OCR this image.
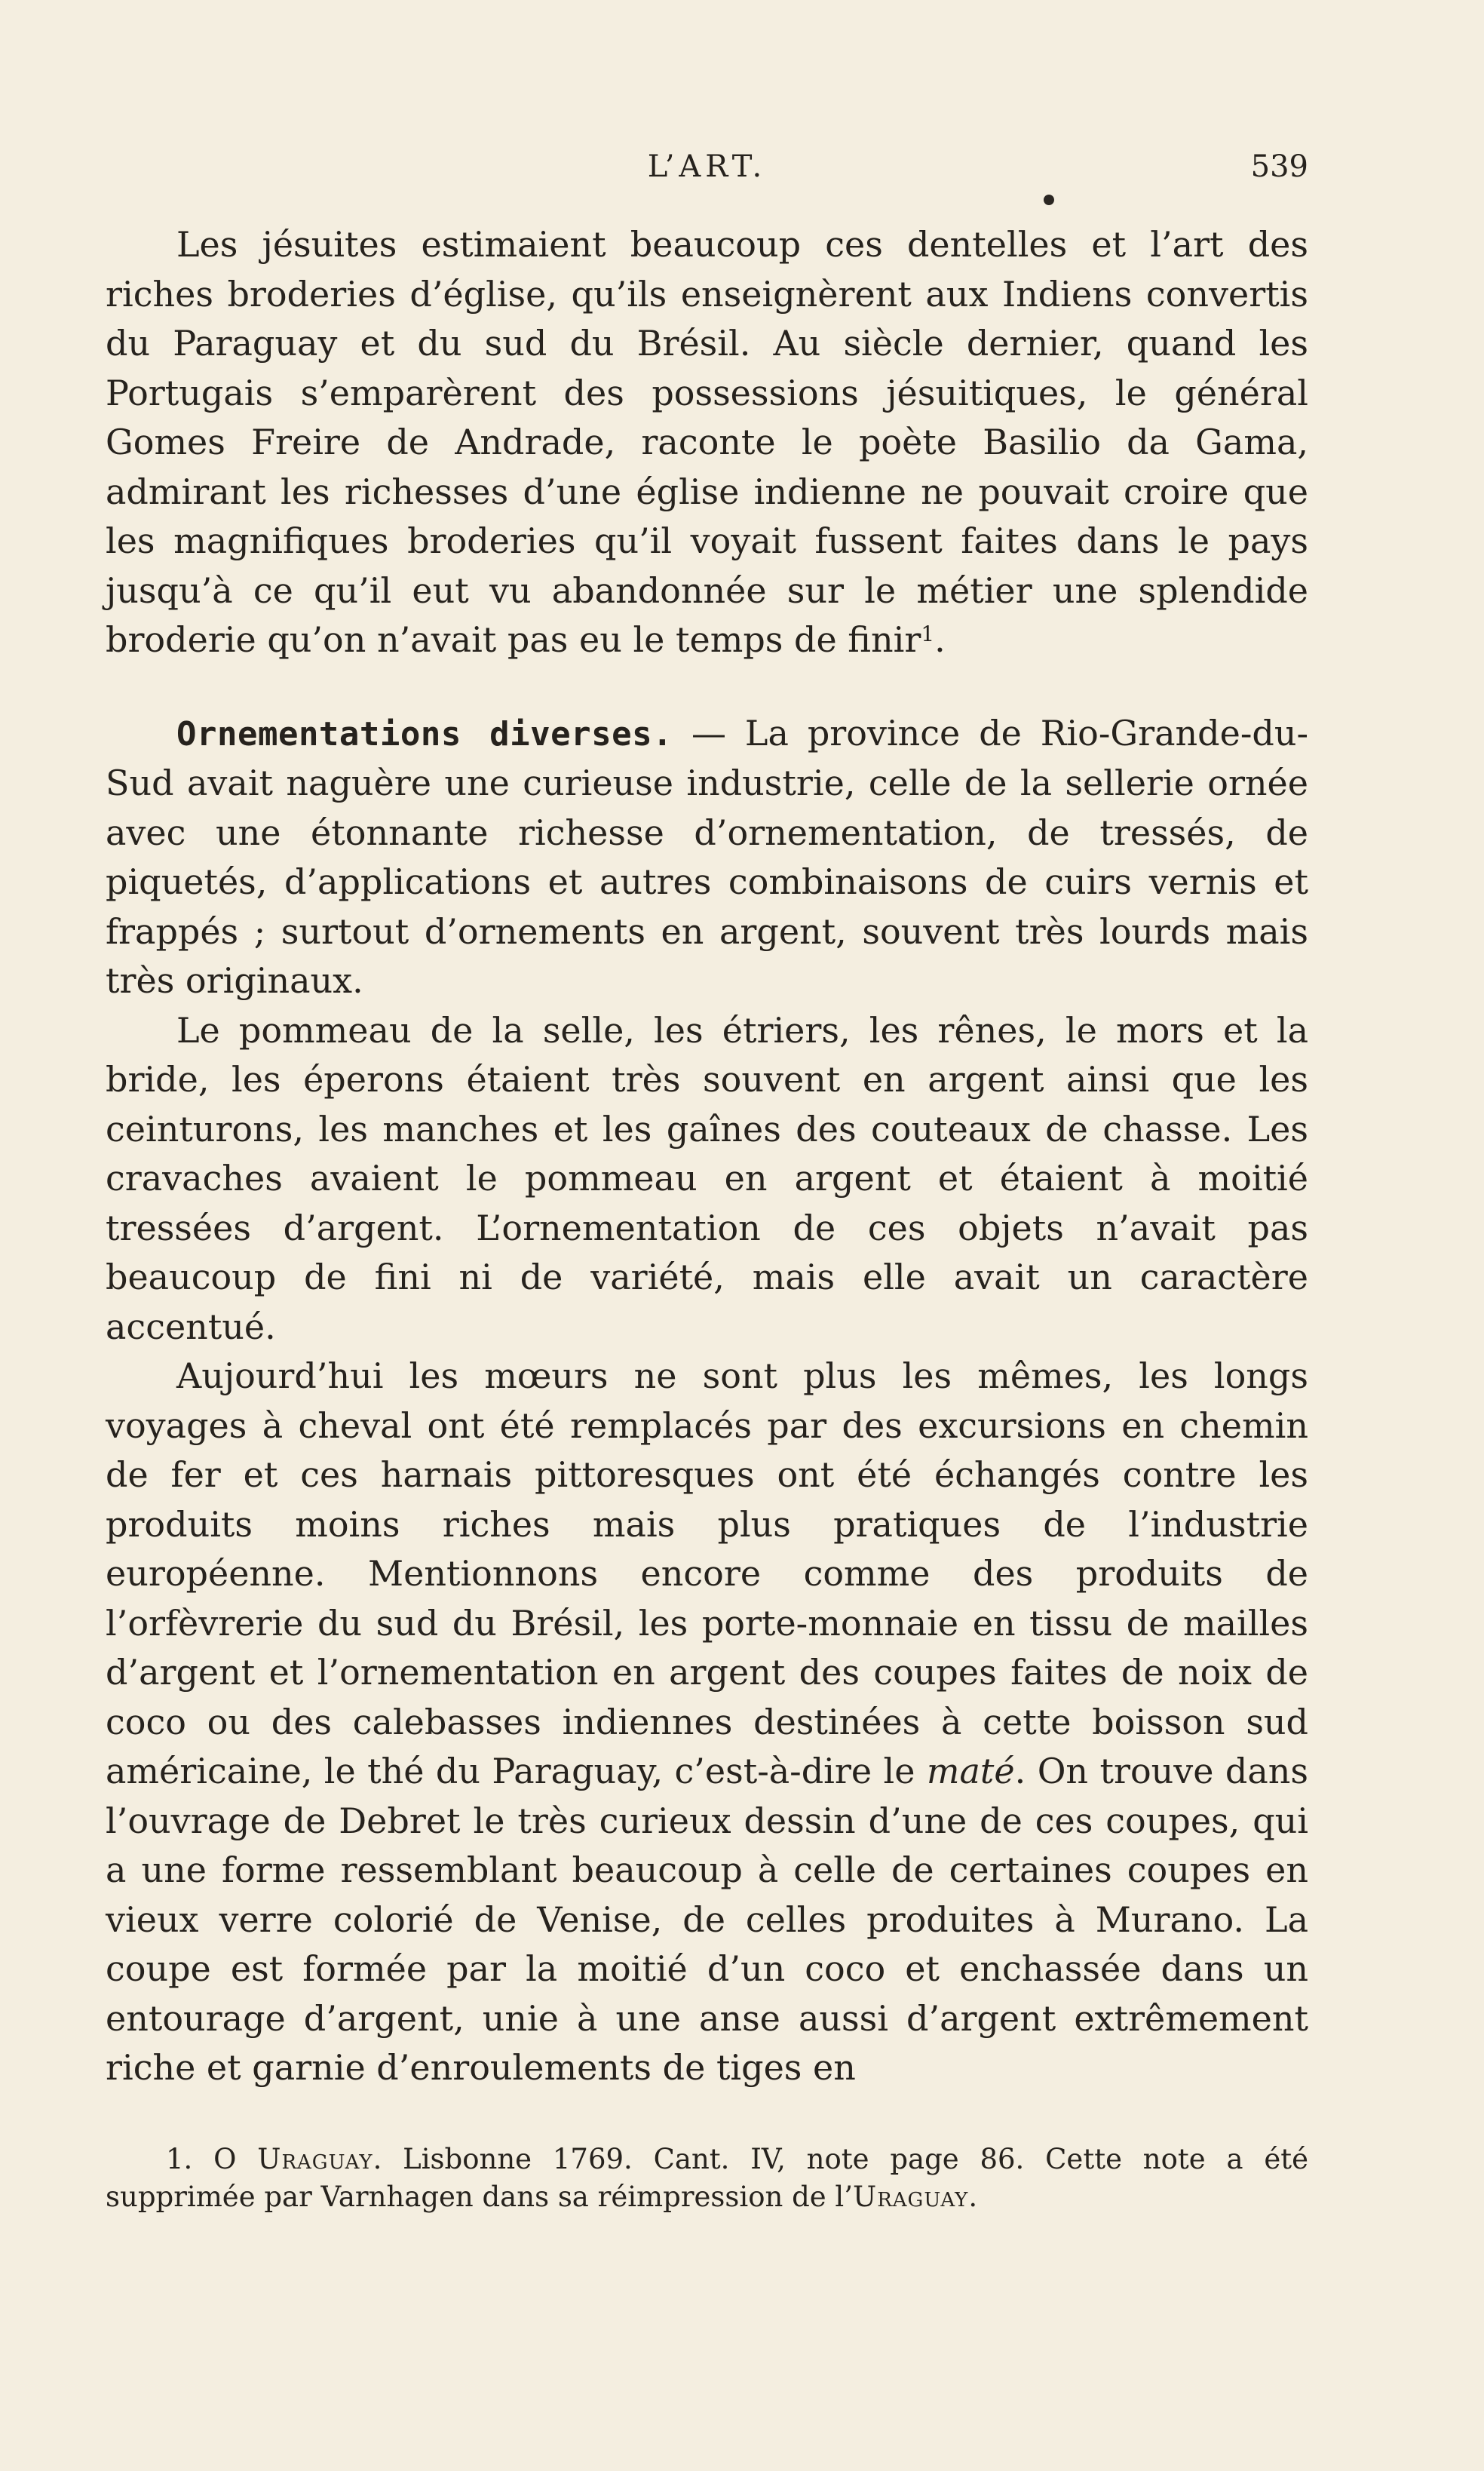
L’ART.	539

Les jésuites estimaient beaucoup ces dentelles et l’art des riches broderies d’église, qu’ils enseignèrent aux Indiens convertis du Paraguay et du sud du Brésil. Au siècle dernier, quand les Portugais s’emparèrent des possessions jésuitiques, le général Gomes Freire de Andrade, raconte le poète Basilio da Gama, admirant les richesses d’une église indienne ne pouvait croire que les magnifiques broderies qu’il voyait fussent faites dans le pays jusqu’à ce qu’il eut vu abandonnée sur le métier une splendide broderie qu’on n’avait pas eu le temps de finir$^1$.

Ornementations diverses. — La province de Rio-Grande-du-Sud avait naguère une curieuse industrie, celle de la sellerie ornée avec une étonnante richesse d’ornementation, de tressés, de piquetés, d’applications et autres combinaisons de cuirs vernis et frappés ; surtout d’ornements en argent, souvent très lourds mais très originaux.

Le pommeau de la selle, les étriers, les rênes, le mors et la bride, les éperons étaient très souvent en argent ainsi que les ceinturons, les manches et les gaînes des couteaux de chasse. Les cravaches avaient le pommeau en argent et étaient à moitié tressées d’argent. L’ornementation de ces objets n’avait pas beaucoup de fini ni de variété, mais elle avait un caractère accentué.

Aujourd’hui les mœurs ne sont plus les mêmes, les longs voyages à cheval ont été remplacés par des excursions en chemin de fer et ces harnais pittoresques ont été échangés contre les produits moins riches mais plus pratiques de l’industrie européenne. Mentionnons encore comme des produits de l’orfèvrerie du sud du Brésil, les porte-monnaie en tissu de mailles d’argent et l’ornementation en argent des coupes faites de noix de coco ou des calebasses indiennes destinées à cette boisson sud américaine, le thé du Paraguay, c’est-à-dire le maté. On trouve dans l’ouvrage de Debret le très curieux dessin d’une de ces coupes, qui a une forme ressemblant beaucoup à celle de certaines coupes en vieux verre colorié de Venise, de celles produites à Murano. La coupe est formée par la moitié d’un coco et enchassée dans un entourage d’argent, unie à une anse aussi d’argent extrêmement riche et garnie d’enroulements de tiges en

1. O Uraguay. Lisbonne 1769. Cant. IV, note page 86. Cette note a été supprimée par Varnhagen dans sa réimpression de l’Uraguay.
